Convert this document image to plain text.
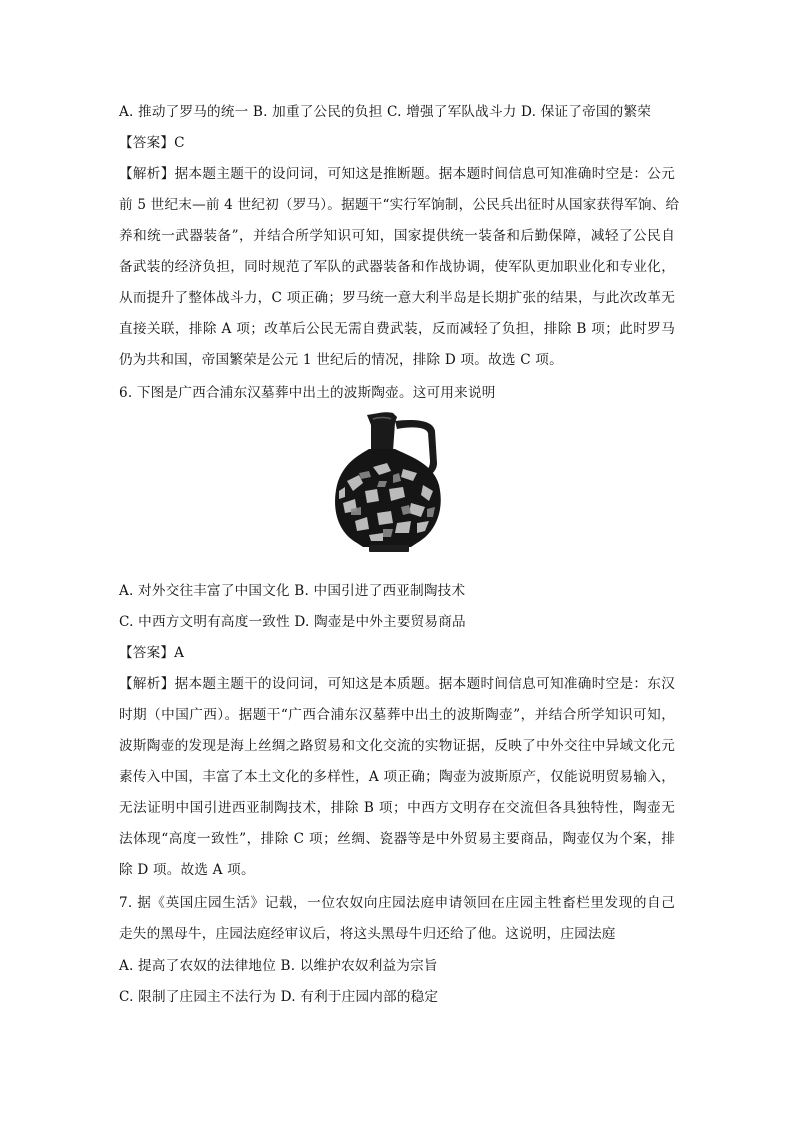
A. 推动了罗马的统一 B. 加重了公民的负担 C. 增强了军队战斗力 D. 保证了帝国的繁荣
【答案】C
【解析】据本题主题干的设问词，可知这是推断题。据本题时间信息可知准确时空是：公元
前 5 世纪末—前 4 世纪初（罗马）。据题干“实行军饷制，公民兵出征时从国家获得军饷、给
养和统一武器装备”，并结合所学知识可知，国家提供统一装备和后勤保障，减轻了公民自
备武装的经济负担，同时规范了军队的武器装备和作战协调，使军队更加职业化和专业化，
从而提升了整体战斗力，C 项正确；罗马统一意大利半岛是长期扩张的结果，与此次改革无
直接关联，排除 A 项；改革后公民无需自费武装，反而减轻了负担，排除 B 项；此时罗马
仍为共和国，帝国繁荣是公元 1 世纪后的情况，排除 D 项。故选 C 项。
6. 下图是广西合浦东汉墓葬中出土的波斯陶壶。这可用来说明
A. 对外交往丰富了中国文化 B. 中国引进了西亚制陶技术
C. 中西方文明有高度一致性 D. 陶壶是中外主要贸易商品
【答案】A
【解析】据本题主题干的设问词，可知这是本质题。据本题时间信息可知准确时空是：东汉
时期（中国广西）。据题干“广西合浦东汉墓葬中出土的波斯陶壶”，并结合所学知识可知，
波斯陶壶的发现是海上丝绸之路贸易和文化交流的实物证据，反映了中外交往中异域文化元
素传入中国，丰富了本土文化的多样性，A 项正确；陶壶为波斯原产，仅能说明贸易输入，
无法证明中国引进西亚制陶技术，排除 B 项；中西方文明存在交流但各具独特性，陶壶无
法体现“高度一致性”，排除 C 项；丝绸、瓷器等是中外贸易主要商品，陶壶仅为个案，排
除 D 项。故选 A 项。
7. 据《英国庄园生活》记载，一位农奴向庄园法庭申请领回在庄园主牲畜栏里发现的自己
走失的黑母牛，庄园法庭经审议后，将这头黑母牛归还给了他。这说明，庄园法庭
A. 提高了农奴的法律地位 B. 以维护农奴利益为宗旨
C. 限制了庄园主不法行为 D. 有利于庄园内部的稳定
